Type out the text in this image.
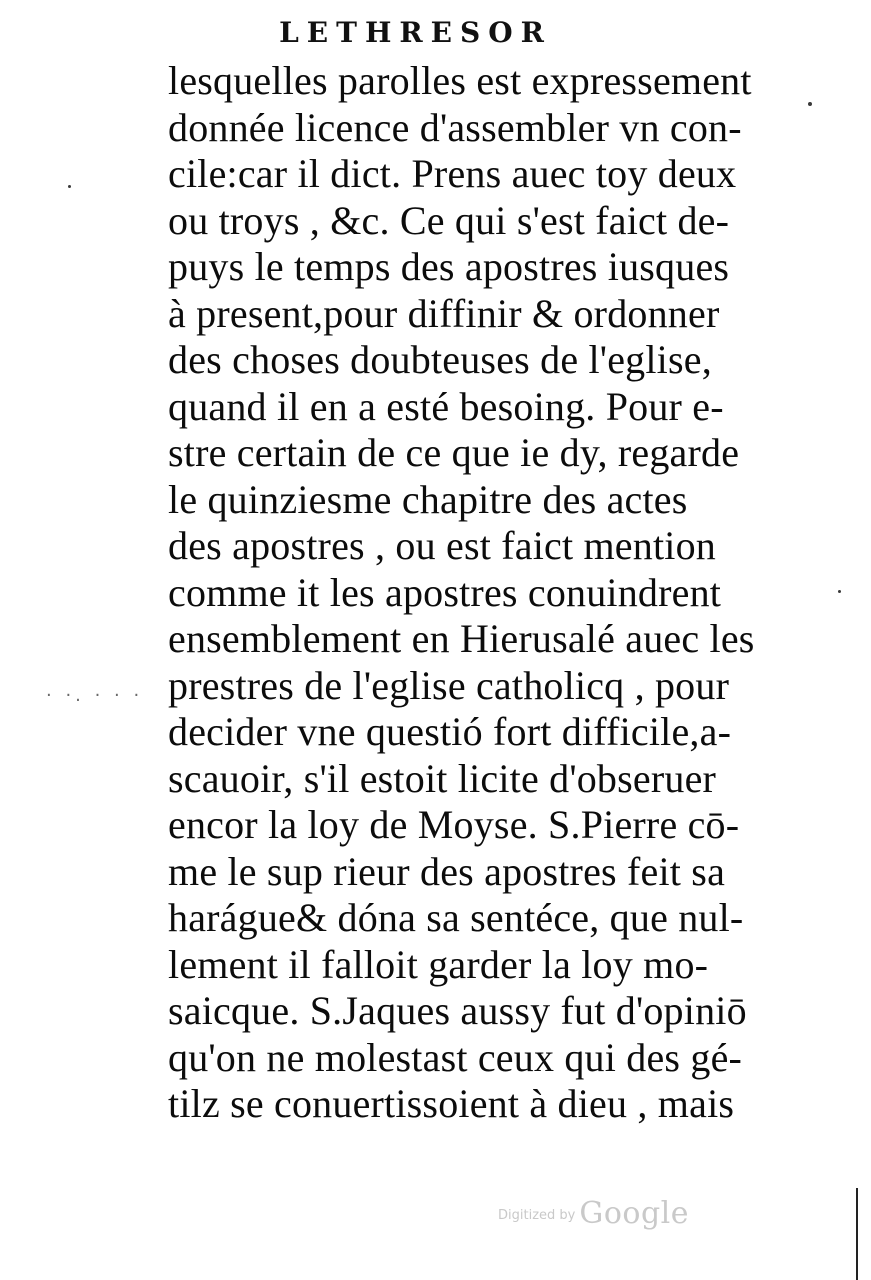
LETHRESOR
lesquelles parolles est expressement
donnée licence d'assembler vn con-
cile:car il dict. Prens auec toy deux
ou troys , &c. Ce qui s'est faict de-
puys le temps des apostres iusques
à present,pour diffinir & ordonner
des choses doubteuses de l'eglise,
quand il en a esté besoing. Pour e-
stre certain de ce que ie dy, regarde
le quinziesme chapitre des actes
des apostres , ou est faict mention
comme it les apostres conuindrent
ensemblement en Hierusalé auec les
prestres de l'eglise catholicq , pour
decider vne questió fort difficile,a-
scauoir, s'il estoit licite d'obseruer
encor la loy de Moyse. S.Pierre cō-
me le sup rieur des apostres feit sa
harágue& dóna sa sentéce, que nul-
lement il falloit garder la loy mo-
saicque. S.Jaques aussy fut d'opiniō
qu'on ne molestast ceux qui des gé-
tilz se conuertissoient à dieu , mais
· ·. · · ·
$^{Digitized by}$ Google
